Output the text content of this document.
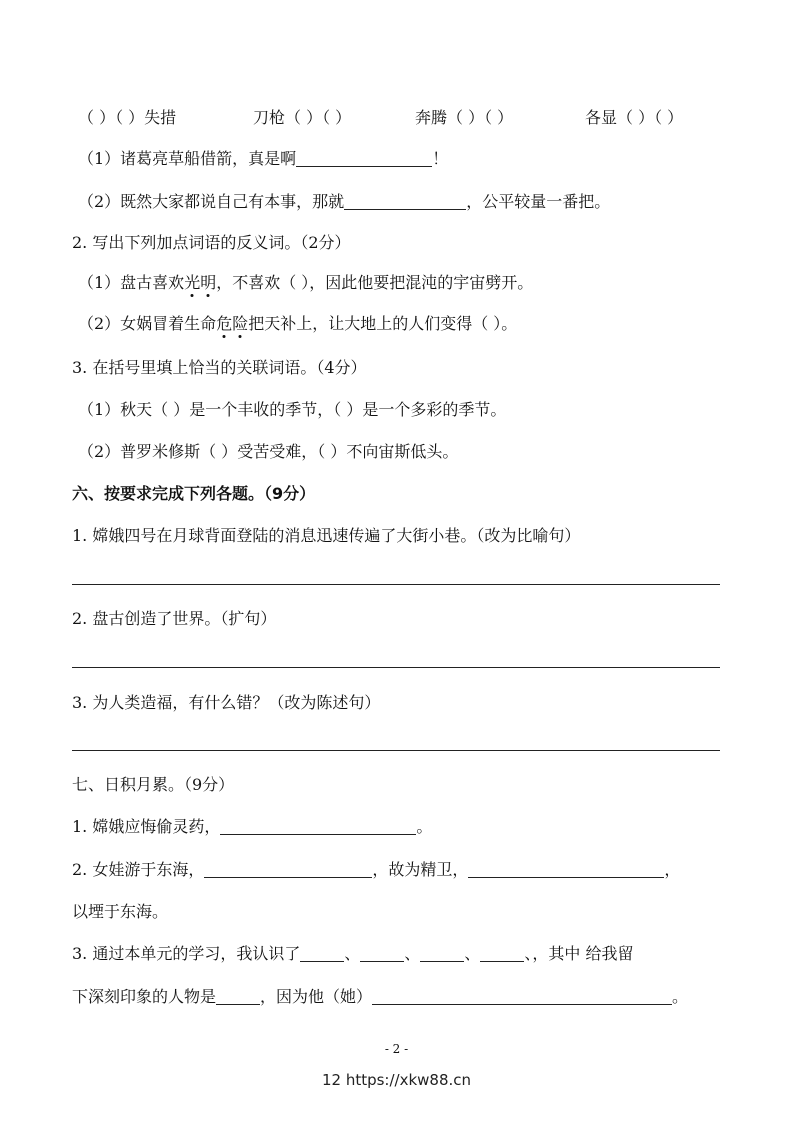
（ ）（ ）失措	刀枪（ ）（ ）	奔腾（ ）（ ）	各显（ ）（ ）
（1）诸葛亮草船借箭，真是啊	！
（2）既然大家都说自己有本事，那就	，公平较量一番把。
2. 写出下列加点词语的反义词。（2分）
（1）盘古喜欢光明，不喜欢（ ），因此他要把混沌的宇宙劈开。
（2）女娲冒着生命危险把天补上，让大地上的人们变得（ ）。
3. 在括号里填上恰当的关联词语。（4分）
（1）秋天（ ）是一个丰收的季节，（ ）是一个多彩的季节。
（2）普罗米修斯（ ）受苦受难，（ ）不向宙斯低头。
六、按要求完成下列各题。（9分）
1. 嫦娥四号在月球背面登陆的消息迅速传遍了大街小巷。（改为比喻句）
2. 盘古创造了世界。（扩句）
3. 为人类造福，有什么错？（改为陈述句）
七、日积月累。（9分）
1. 嫦娥应悔偷灵药，	。
2. 女娃游于东海，	，故为精卫，	，
以堙于东海。
3. 通过本单元的学习，我认识了	、	、	、	、，其中 给我留
下深刻印象的人物是	，因为他（她）	。
- 2 -
12 https://xkw88.cn
